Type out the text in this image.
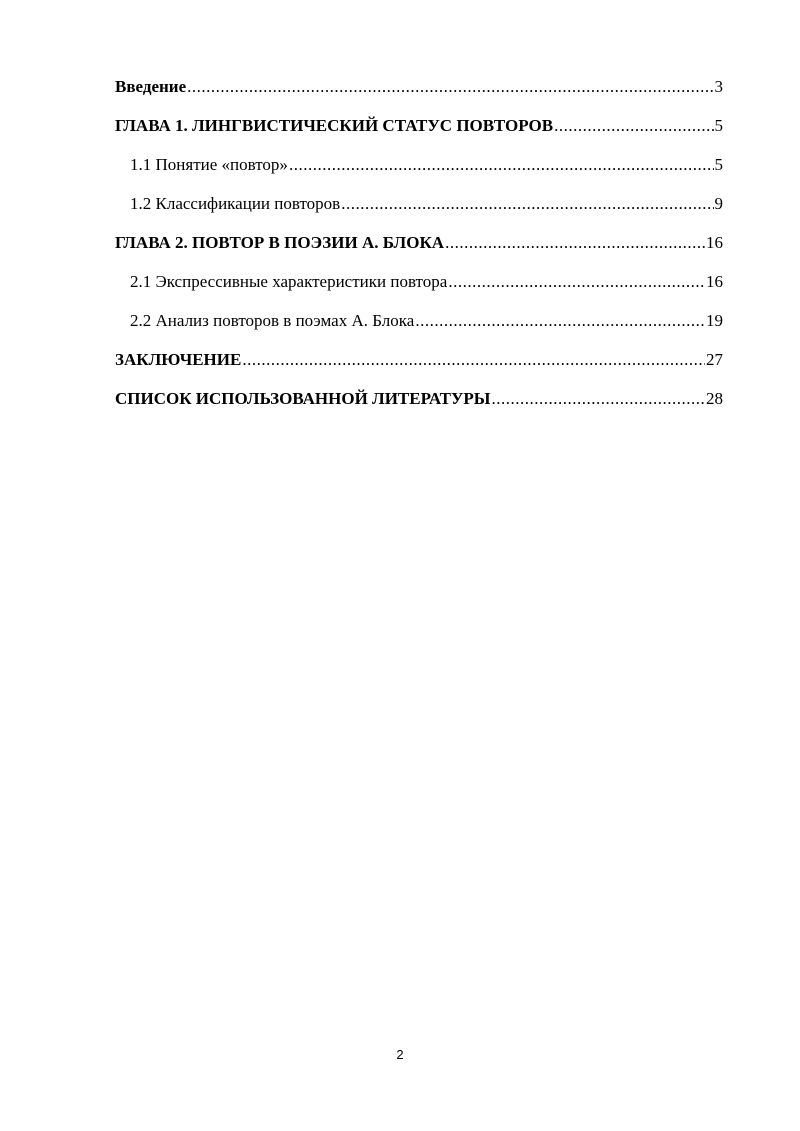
Введение .....	3
ГЛАВА 1. ЛИНГВИСТИЧЕСКИЙ СТАТУС ПОВТОРОВ .....	5
1.1 Понятие «повтор» .....	5
1.2 Классификации повторов .....	9
ГЛАВА 2. ПОВТОР В ПОЭЗИИ А. БЛОКА .....	16
2.1 Экспрессивные характеристики повтора .....	16
2.2 Анализ повторов в поэмах А. Блока .....	19
ЗАКЛЮЧЕНИЕ .....	27
СПИСОК ИСПОЛЬЗОВАННОЙ ЛИТЕРАТУРЫ .....	28
2
